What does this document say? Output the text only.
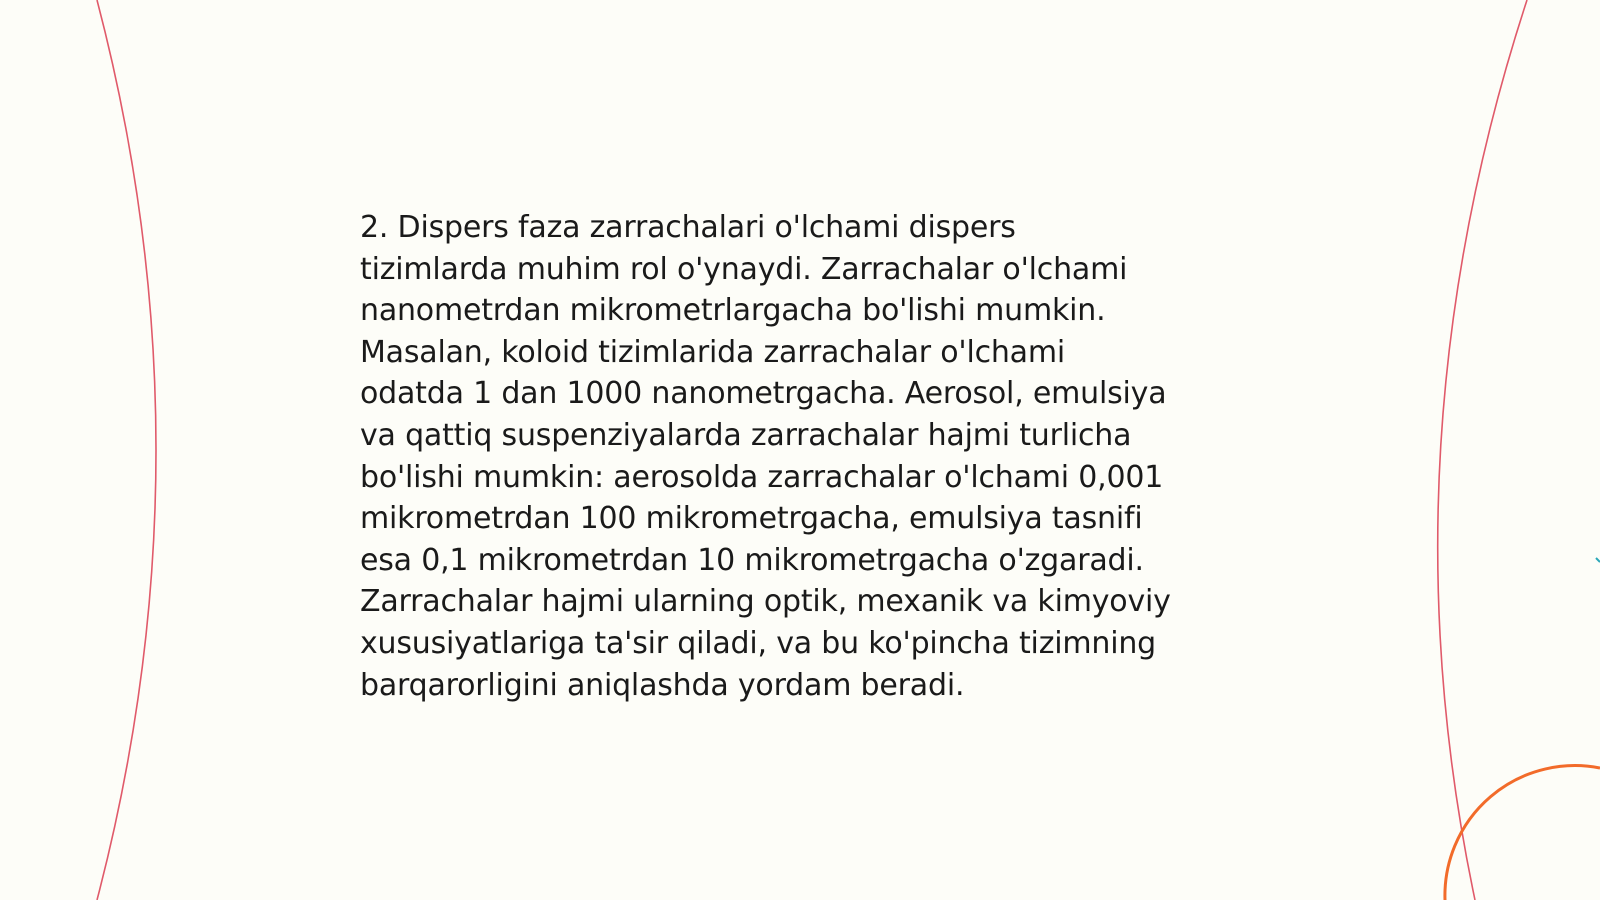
2. Dispers faza zarrachalari o'lchami dispers
tizimlarda muhim rol o'ynaydi. Zarrachalar o'lchami
nanometrdan mikrometrlargacha bo'lishi mumkin.
Masalan, koloid tizimlarida zarrachalar o'lchami
odatda 1 dan 1000 nanometrgacha. Aerosol, emulsiya
va qattiq suspenziyalarda zarrachalar hajmi turlicha
bo'lishi mumkin: aerosolda zarrachalar o'lchami 0,001
mikrometrdan 100 mikrometrgacha, emulsiya tasnifi
esa 0,1 mikrometrdan 10 mikrometrgacha o'zgaradi.
Zarrachalar hajmi ularning optik, mexanik va kimyoviy
xususiyatlariga ta'sir qiladi, va bu ko'pincha tizimning
barqarorligini aniqlashda yordam beradi.
